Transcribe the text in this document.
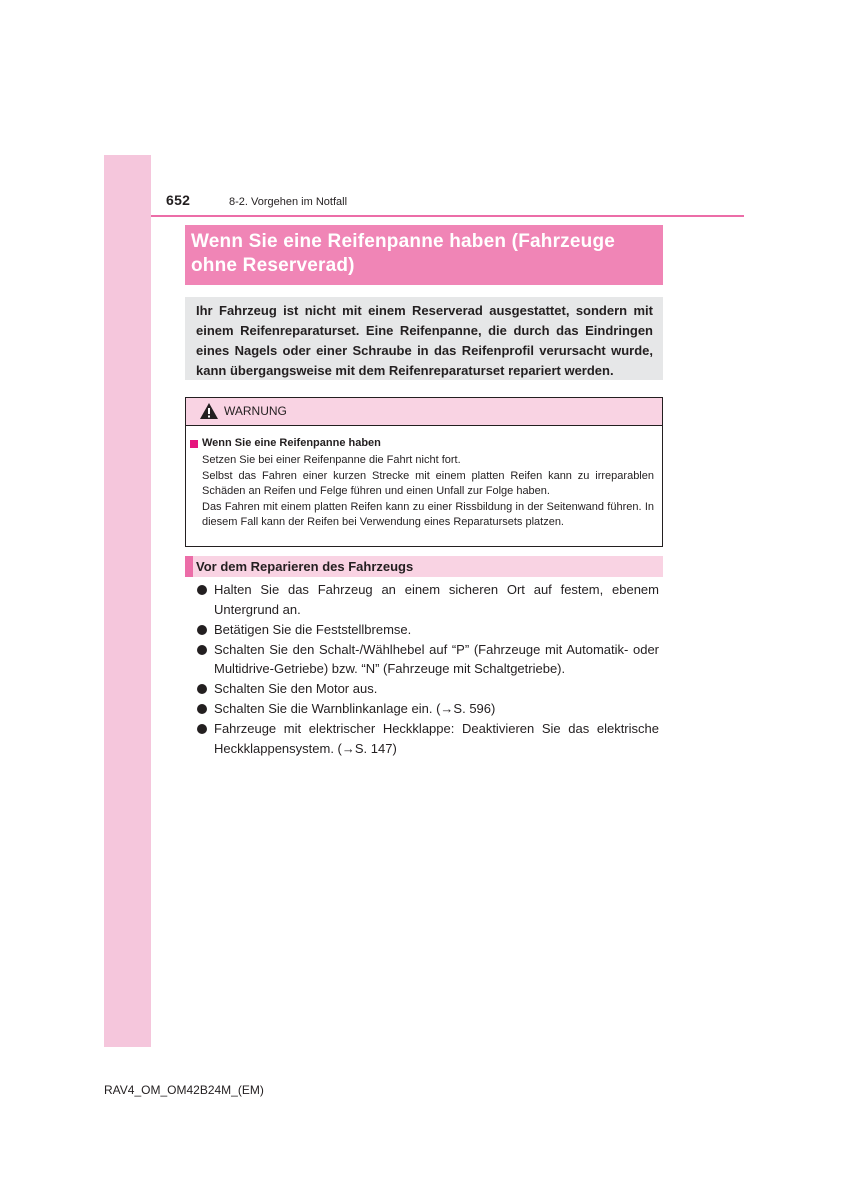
652	8-2. Vorgehen im Notfall

Wenn Sie eine Reifenpanne haben (Fahrzeuge
ohne Reserverad)

Ihr Fahrzeug ist nicht mit einem Reserverad ausgestattet, sondern mit einem Reifenreparaturset. Eine Reifenpanne, die durch das Eindringen eines Nagels oder einer Schraube in das Reifenprofil verursacht wurde, kann übergangsweise mit dem Reifenreparaturset repariert werden.

WARNUNG
Wenn Sie eine Reifenpanne haben

Setzen Sie bei einer Reifenpanne die Fahrt nicht fort.

Selbst das Fahren einer kurzen Strecke mit einem platten Reifen kann zu irreparablen Schäden an Reifen und Felge führen und einen Unfall zur Folge haben.

Das Fahren mit einem platten Reifen kann zu einer Rissbildung in der Seitenwand führen. In diesem Fall kann der Reifen bei Verwendung eines Reparatursets platzen.

Vor dem Reparieren des Fahrzeugs
Halten Sie das Fahrzeug an einem sicheren Ort auf festem, ebenem Untergrund an.
Betätigen Sie die Feststellbremse.
Schalten Sie den Schalt-/Wählhebel auf “P” (Fahrzeuge mit Automatik- oder Multidrive-Getriebe) bzw. “N” (Fahrzeuge mit Schaltgetriebe).
Schalten Sie den Motor aus.
Schalten Sie die Warnblinkanlage ein. (→S. 596)
Fahrzeuge mit elektrischer Heckklappe: Deaktivieren Sie das elektrische Heckklappensystem. (→S. 147)
RAV4_OM_OM42B24M_(EM)
